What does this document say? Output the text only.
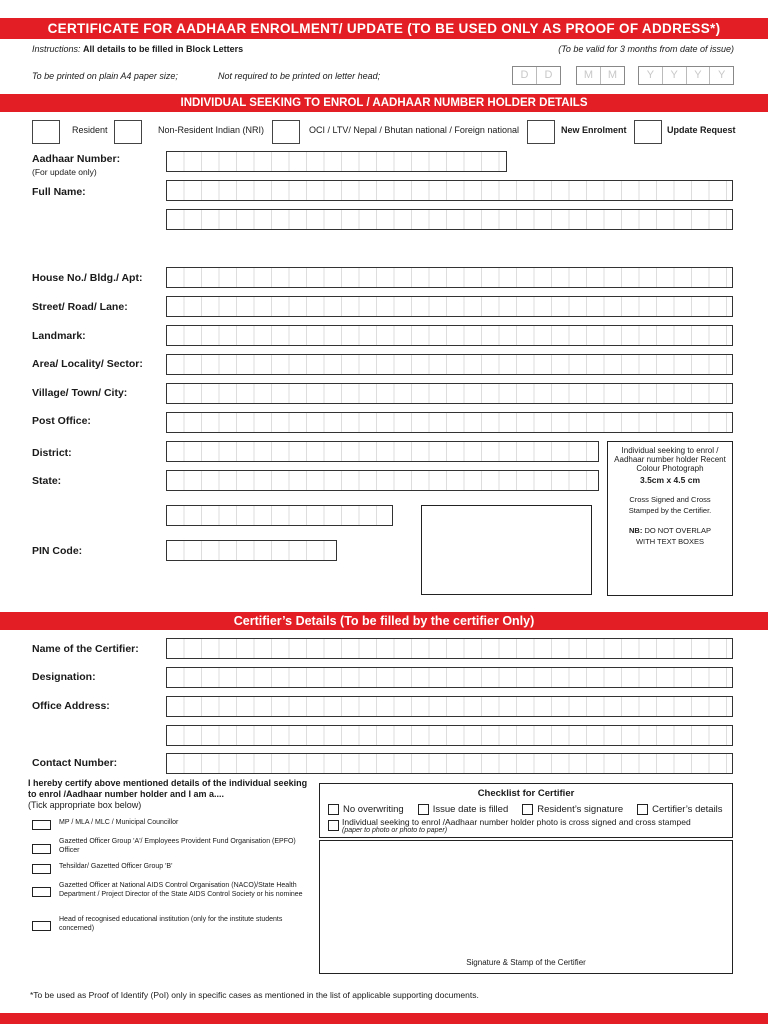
CERTIFICATE FOR AADHAAR ENROLMENT/ UPDATE (TO BE USED ONLY AS PROOF OF ADDRESS*)
Instructions: All details to be filled in Block Letters	(To be valid for 3 months from date of issue)
To be printed on plain A4 paper size;	Not required to be printed on letter head;	D	D	M	M	Y	Y	Y	Y
INDIVIDUAL SEEKING TO ENROL / AADHAAR NUMBER HOLDER DETAILS
Resident	Non-Resident Indian (NRI)	OCI / LTV/ Nepal / Bhutan national / Foreign national	New Enrolment	Update Request
Aadhaar Number:
(For update only)
Full Name:
House No./ Bldg./ Apt:
Street/ Road/ Lane:
Landmark:
Area/ Locality/ Sector:
Village/ Town/ City:
Post Office:
District:
State:
PIN Code:
Individual seeking to enrol / Aadhaar number holder Recent Colour Photograph
3.5cm x 4.5 cm
Cross Signed and Cross Stamped by the Certifier.
NB: DO NOT OVERLAP WITH TEXT BOXES
Certifier’s Details (To be filled by the certifier Only)
Name of the Certifier:
Designation:
Office Address:
Contact Number:
I hereby certify above mentioned details of the individual seeking to enrol /Aadhaar number holder and I am a....
(Tick appropriate box below)
MP / MLA / MLC / Municipal Councillor
Gazetted Officer Group 'A'/ Employees Provident Fund Organisation (EPFO) Officer
Tehsildar/ Gazetted Officer Group 'B'
Gazetted Officer at National AIDS Control Organisation (NACO)/State Health Department / Project Director of the State AIDS Control Society or his nominee
Head of recognised educational institution (only for the institute students concerned)
Checklist for Certifier
No overwriting	Issue date is filled	Resident’s signature	Certifier’s details
Individual seeking to enrol /Aadhaar number holder photo is cross signed and cross stamped
(paper to photo or photo to paper)
Signature & Stamp of the Certifier
*To be used as Proof of Identify (PoI) only in specific cases as mentioned in the list of applicable supporting documents.
